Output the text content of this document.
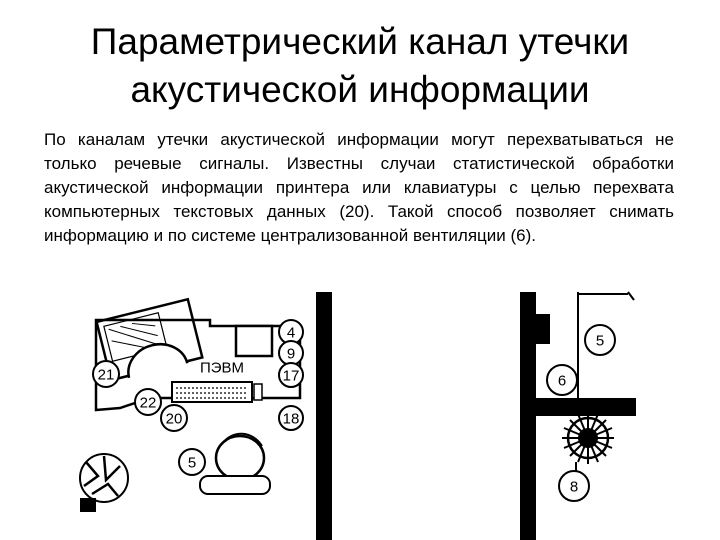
Параметрический канал утечки
акустической информации

По каналам утечки акустической информации могут перехватываться не только речевые сигналы. Известны случаи статистической обработки акустической информации принтера или клавиатуры с целью перехвата компьютерных текстовых данных (20). Такой способ позволяет снимать информацию и по системе централизованной вентиляции (6).

ПЭВМ
21
22
20
5
4
9
17
18
5
6
8
